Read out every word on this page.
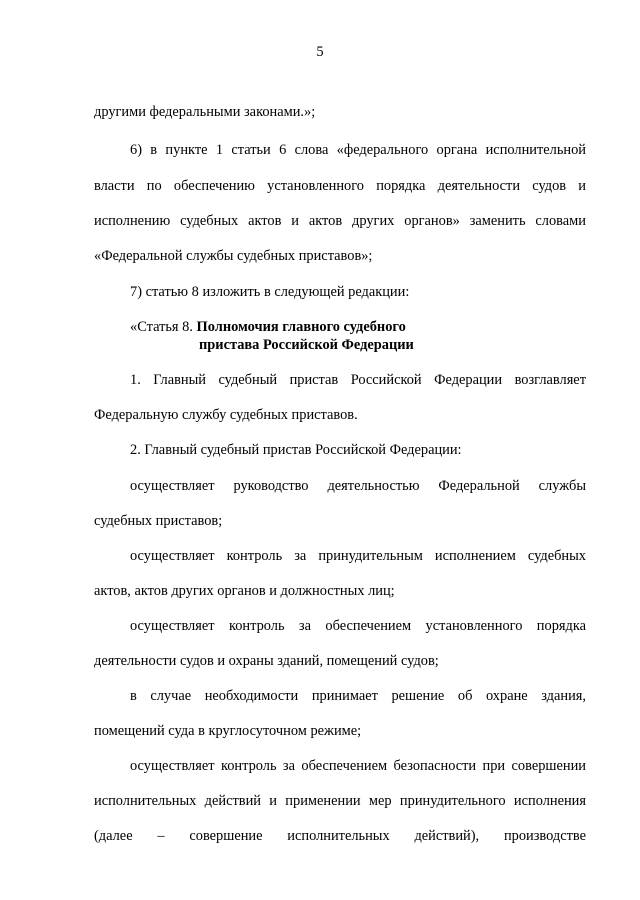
5
другими федеральными законами.»;
6) в пункте 1 статьи 6 слова «федерального органа исполнительной
власти по обеспечению установленного порядка деятельности судов и
исполнению судебных актов и актов других органов» заменить словами
«Федеральной службы судебных приставов»;
7) статью 8 изложить в следующей редакции:
«Статья 8. Полномочия главного судебного
пристава Российской Федерации
1. Главный судебный пристав Российской Федерации возглавляет
Федеральную службу судебных приставов.
2. Главный судебный пристав Российской Федерации:
осуществляет руководство деятельностью Федеральной службы
судебных приставов;
осуществляет контроль за принудительным исполнением судебных
актов, актов других органов и должностных лиц;
осуществляет контроль за обеспечением установленного порядка
деятельности судов и охраны зданий, помещений судов;
в случае необходимости принимает решение об охране здания,
помещений суда в круглосуточном режиме;
осуществляет контроль за обеспечением безопасности при совершении
исполнительных действий и применении мер принудительного исполнения
(далее – совершение исполнительных действий), производстве
